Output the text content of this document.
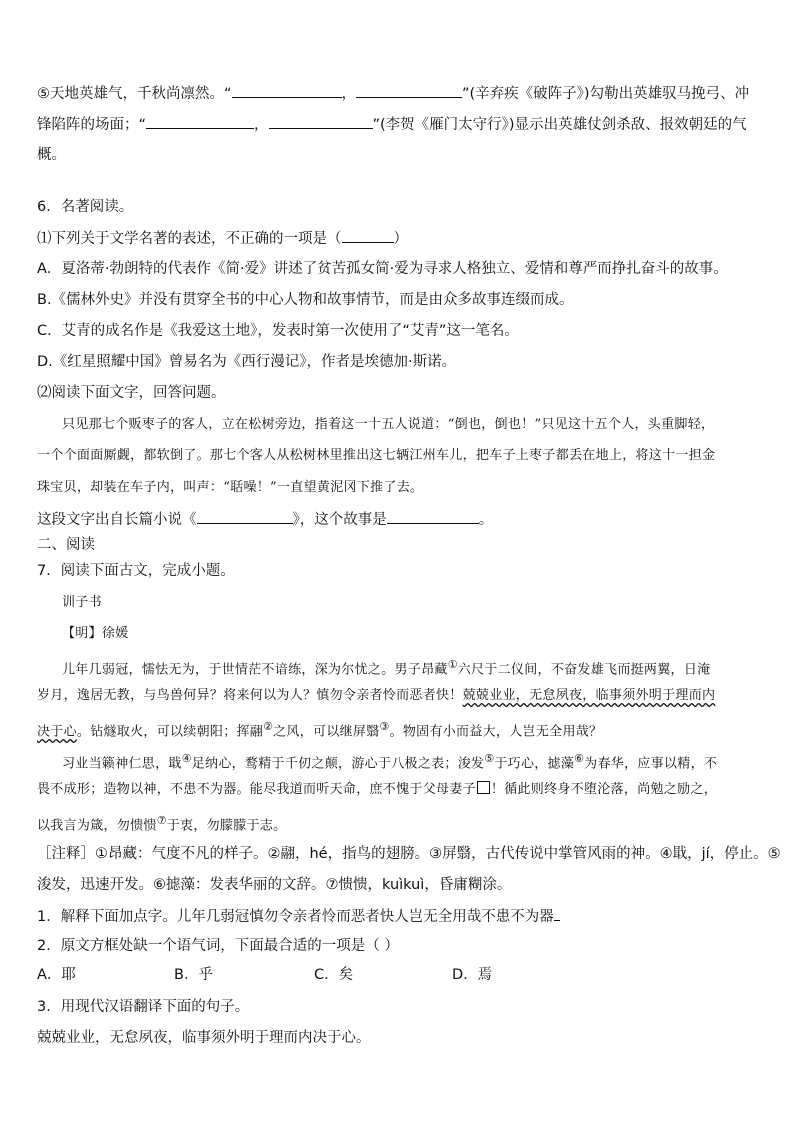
⑤天地英雄气，千秋尚凛然。“	，	”(辛弃疾《破阵子》)勾勒出英雄驭马挽弓、冲
锋陷阵的场面；“	，	”(李贺《雁门太守行》)显示出英雄仗剑杀敌、报效朝廷的气
概。
6．名著阅读。
⑴下列关于文学名著的表述，不正确的一项是（	）
A．夏洛蒂·勃朗特的代表作《简·爱》讲述了贫苦孤女简·爱为寻求人格独立、爱情和尊严而挣扎奋斗的故事。
B.《儒林外史》并没有贯穿全书的中心人物和故事情节，而是由众多故事连缀而成。
C．艾青的成名作是《我爱这土地》，发表时第一次使用了“艾青”这一笔名。
D.《红星照耀中国》曾易名为《西行漫记》，作者是埃德加·斯诺。
⑵阅读下面文字，回答问题。
只见那七个贩枣子的客人，立在松树旁边，指着这一十五人说道：“倒也，倒也！”只见这十五个人，头重脚轻，
一个个面面厮觑，都软倒了。那七个客人从松树林里推出这七辆江州车儿，把车子上枣子都丢在地上，将这十一担金
珠宝贝，却装在车子内，叫声：“聒噪！”一直望黄泥冈下推了去。
这段文字出自长篇小说《	》，这个故事是	。
二、阅读
7．阅读下面古文，完成小题。
训子书
【明】徐媛
儿年几弱冠，懦怯无为，于世情茫不谙练，深为尔忧之。男子昂藏①六尺于二仪间，不奋发雄飞而挺两翼，日淹
岁月，逸居无教，与鸟兽何异？将来何以为人？慎勿令亲者怜而恶者快！兢兢业业，无怠夙夜，临事须外明于理而内
决于心。钻燧取火，可以续朝阳；挥翮②之风，可以继屏翳③。物固有小而益大，人岂无全用哉？
习业当籁神仁思，戢④足纳心，鹜精于千仞之颠，游心于八极之表；浚发⑤于巧心，摅藻⑥为春华，应事以精，不
畏不成形；造物以神，不患不为器。能尽我道而听天命，庶不愧于父母妻子 ！循此则终身不堕沦落，尚勉之励之，
以我言为箴，勿愦愦⑦于衷，勿朦朦于志。
［注释］①昂藏：气度不凡的样子。②翮，hé，指鸟的翅膀。③屏翳，古代传说中掌管风雨的神。④戢，jí，停止。⑤
浚发，迅速开发。⑥摅藻：发表华丽的文辞。⑦愦愦，kuìkuì，昏庸糊涂。
1．解释下面加点字。儿年几弱冠慎勿令亲者怜而恶者快人岂无全用哉不患不为器
2．原文方框处缺一个语气词，下面最合适的一项是（ ）
A．耶	B．乎	C．矣	D．焉
3．用现代汉语翻译下面的句子。
兢兢业业，无怠夙夜，临事须外明于理而内决于心。
